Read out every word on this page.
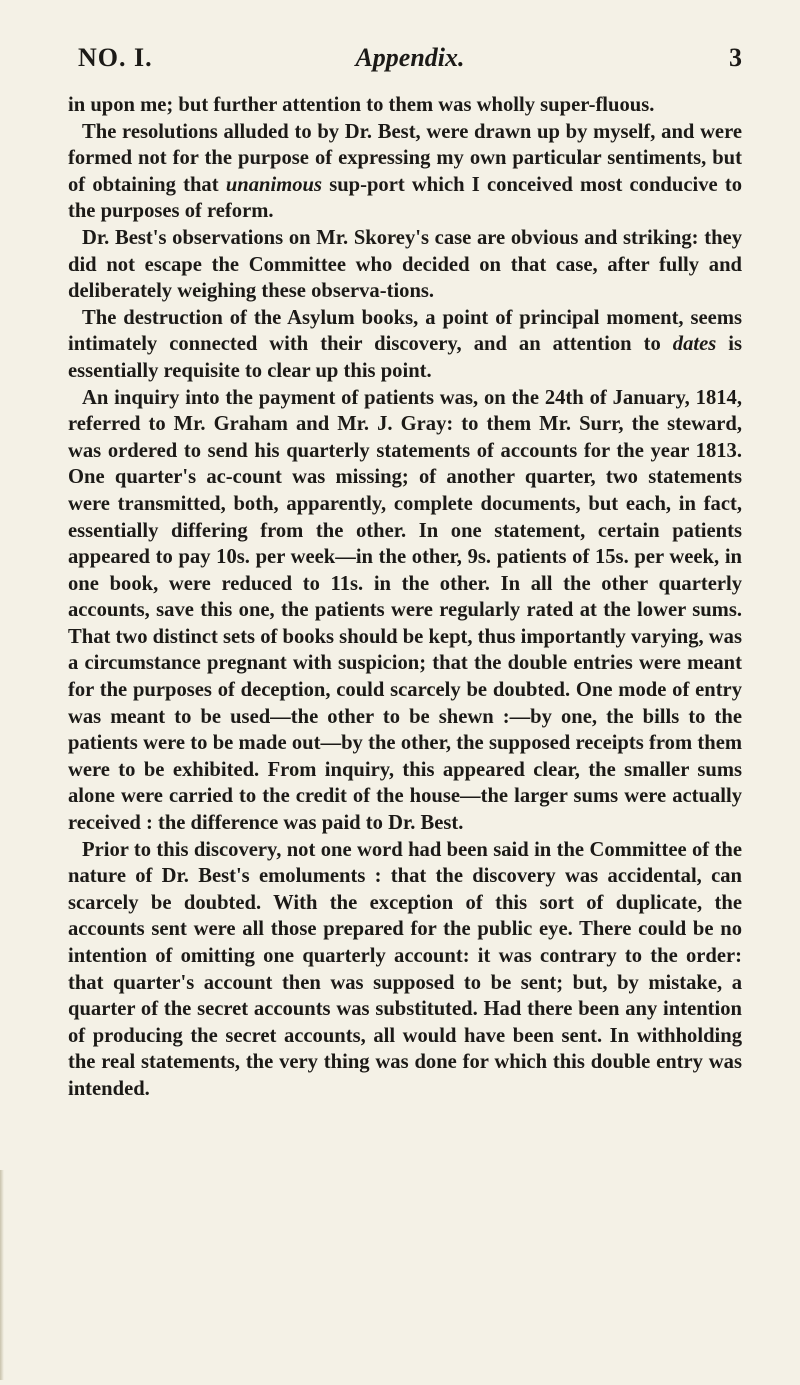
NO. I.	Appendix.	3

in upon me; but further attention to them was wholly super-fluous.

The resolutions alluded to by Dr. Best, were drawn up by myself, and were formed not for the purpose of expressing my own particular sentiments, but of obtaining that unanimous sup-port which I conceived most conducive to the purposes of reform.

Dr. Best's observations on Mr. Skorey's case are obvious and striking: they did not escape the Committee who decided on that case, after fully and deliberately weighing these observa-tions.

The destruction of the Asylum books, a point of principal moment, seems intimately connected with their discovery, and an attention to dates is essentially requisite to clear up this point.

An inquiry into the payment of patients was, on the 24th of January, 1814, referred to Mr. Graham and Mr. J. Gray: to them Mr. Surr, the steward, was ordered to send his quarterly statements of accounts for the year 1813. One quarter's ac-count was missing; of another quarter, two statements were transmitted, both, apparently, complete documents, but each, in fact, essentially differing from the other. In one statement, certain patients appeared to pay 10s. per week—in the other, 9s. patients of 15s. per week, in one book, were reduced to 11s. in the other. In all the other quarterly accounts, save this one, the patients were regularly rated at the lower sums. That two distinct sets of books should be kept, thus importantly varying, was a circumstance pregnant with suspicion; that the double entries were meant for the purposes of deception, could scarcely be doubted. One mode of entry was meant to be used—the other to be shewn :—by one, the bills to the patients were to be made out—by the other, the supposed receipts from them were to be exhibited. From inquiry, this appeared clear, the smaller sums alone were carried to the credit of the house—the larger sums were actually received : the difference was paid to Dr. Best.

Prior to this discovery, not one word had been said in the Committee of the nature of Dr. Best's emoluments : that the discovery was accidental, can scarcely be doubted. With the exception of this sort of duplicate, the accounts sent were all those prepared for the public eye. There could be no intention of omitting one quarterly account: it was contrary to the order: that quarter's account then was supposed to be sent; but, by mistake, a quarter of the secret accounts was substituted. Had there been any intention of producing the secret accounts, all would have been sent. In withholding the real statements, the very thing was done for which this double entry was intended.
